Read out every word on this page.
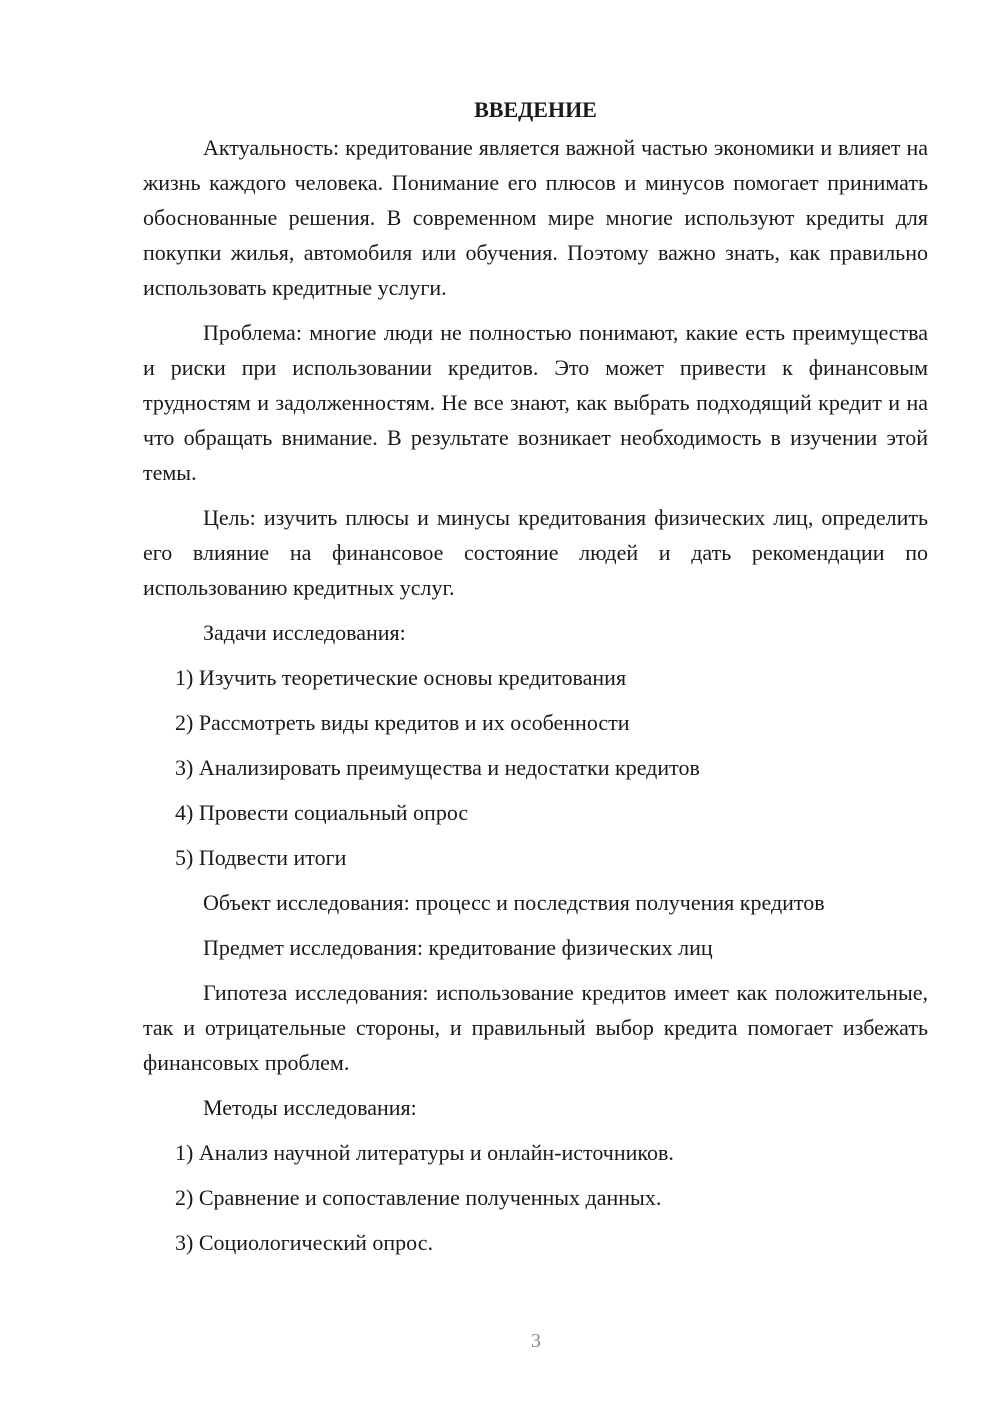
ВВЕДЕНИЕ

Актуальность: кредитование является важной частью экономики и влияет на жизнь каждого человека. Понимание его плюсов и минусов помогает принимать обоснованные решения. В современном мире многие используют кредиты для покупки жилья, автомобиля или обучения. Поэтому важно знать, как правильно использовать кредитные услуги.

Проблема: многие люди не полностью понимают, какие есть преимущества и риски при использовании кредитов. Это может привести к финансовым трудностям и задолженностям. Не все знают, как выбрать подходящий кредит и на что обращать внимание. В результате возникает необходимость в изучении этой темы.

Цель: изучить плюсы и минусы кредитования физических лиц, определить его влияние на финансовое состояние людей и дать рекомендации по использованию кредитных услуг.

Задачи исследования:
1) Изучить теоретические основы кредитования
2) Рассмотреть виды кредитов и их особенности
3) Анализировать преимущества и недостатки кредитов
4) Провести социальный опрос
5) Подвести итоги
Объект исследования: процесс и последствия получения кредитов
Предмет исследования: кредитование физических лиц

Гипотеза исследования: использование кредитов имеет как положительные, так и отрицательные стороны, и правильный выбор кредита помогает избежать финансовых проблем.

Методы исследования:
1) Анализ научной литературы и онлайн-источников.
2) Сравнение и сопоставление полученных данных.
3) Социологический опрос.
3
